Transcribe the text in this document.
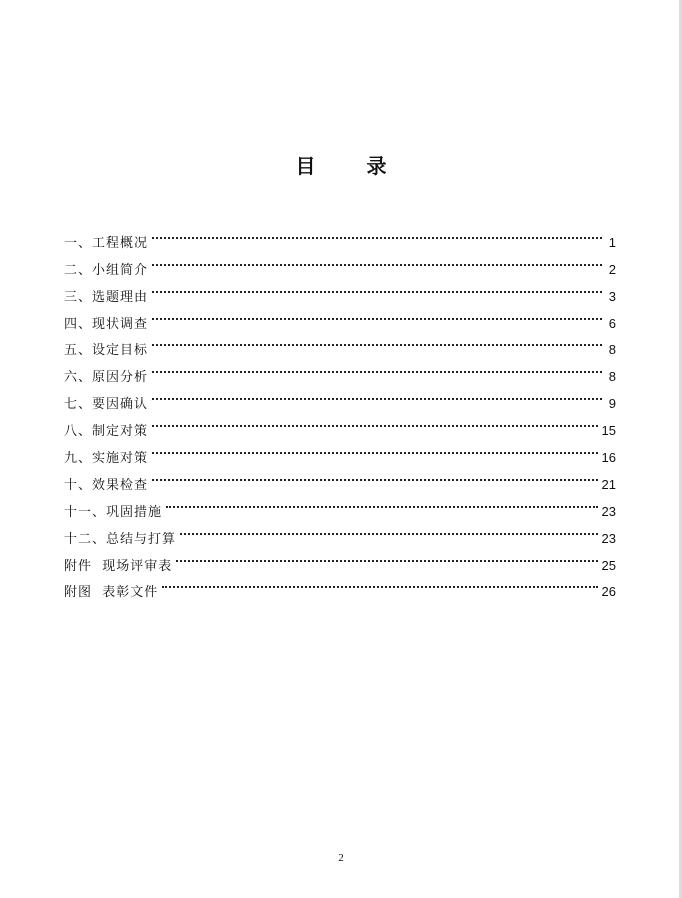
目 录
一、工程概况	1
二、小组简介	2
三、选题理由	3
四、现状调查	6
五、设定目标	8
六、原因分析	8
七、要因确认	9
八、制定对策	15
九、实施对策	16
十、效果检查	21
十一、巩固措施	23
十二、总结与打算	23
附件  现场评审表	25
附图  表彰文件	26
2
